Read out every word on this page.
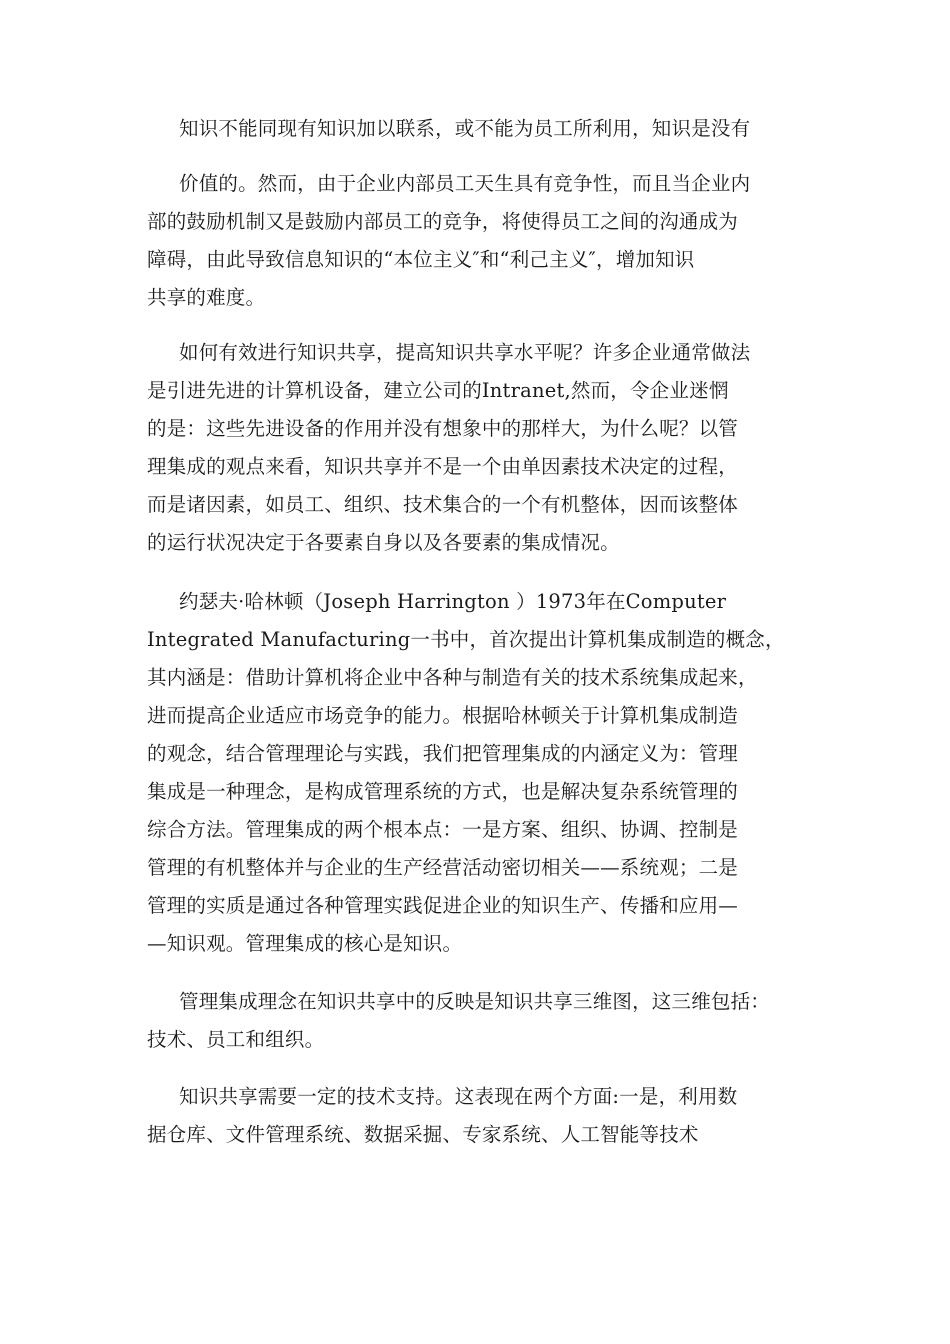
知识不能同现有知识加以联系，或不能为员工所利用，知识是没有

价值的。然而，由于企业内部员工天生具有竞争性，而且当企业内

部的鼓励机制又是鼓励内部员工的竞争，将使得员工之间的沟通成为

障碍，由此导致信息知识的“本位主义″和“利己主义″，增加知识

共享的难度。

如何有效进行知识共享，提高知识共享水平呢？许多企业通常做法

是引进先进的计算机设备，建立公司的Intranet,然而，令企业迷惘

的是：这些先进设备的作用并没有想象中的那样大，为什么呢？以管

理集成的观点来看，知识共享并不是一个由单因素技术决定的过程，

而是诸因素，如员工、组织、技术集合的一个有机整体，因而该整体

的运行状况决定于各要素自身以及各要素的集成情况。

约瑟夫·哈林顿（Joseph Harrington ）1973年在Computer

Integrated Manufacturing一书中，首次提出计算机集成制造的概念，

其内涵是：借助计算机将企业中各种与制造有关的技术系统集成起来，

进而提高企业适应市场竞争的能力。根据哈林顿关于计算机集成制造

的观念，结合管理理论与实践，我们把管理集成的内涵定义为：管理

集成是一种理念，是构成管理系统的方式，也是解决复杂系统管理的

综合方法。管理集成的两个根本点：一是方案、组织、协调、控制是

管理的有机整体并与企业的生产经营活动密切相关——系统观；二是

管理的实质是通过各种管理实践促进企业的知识生产、传播和应用—

—知识观。管理集成的核心是知识。

管理集成理念在知识共享中的反映是知识共享三维图，这三维包括：

技术、员工和组织。

知识共享需要一定的技术支持。这表现在两个方面:一是，利用数

据仓库、文件管理系统、数据采掘、专家系统、人工智能等技术
